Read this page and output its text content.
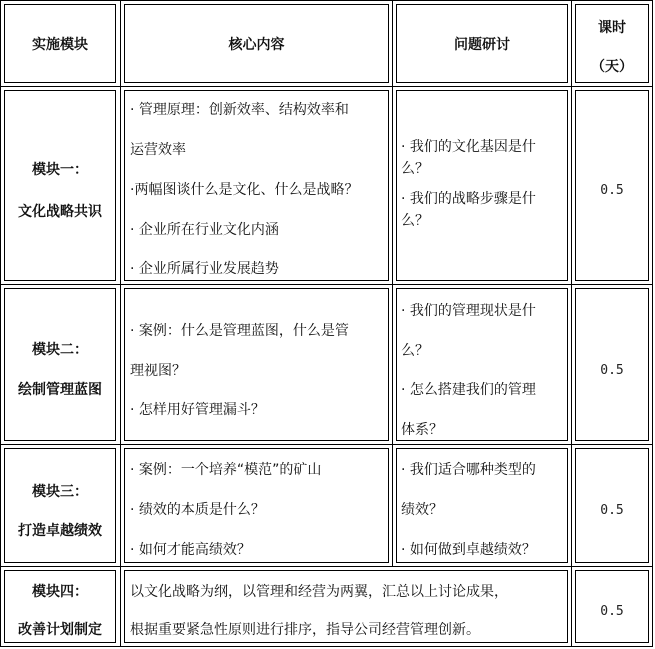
实施模块	核心内容	问题研讨
课时
（天）
模块一：
文化战略共识
· 管理原理：创新效率、结构效率和
运营效率
·两幅图谈什么是文化、什么是战略？
· 企业所在行业文化内涵
· 企业所属行业发展趋势
· 我们的文化基因是什
么？
· 我们的战略步骤是什
么？
0.5
模块二：
绘制管理蓝图
· 案例：什么是管理蓝图，什么是管
理视图？
· 怎样用好管理漏斗？
· 我们的管理现状是什
么？
· 怎么搭建我们的管理
体系？
0.5
模块三：
打造卓越绩效
· 案例：一个培养“模范”的矿山
· 绩效的本质是什么？
· 如何才能高绩效？
· 我们适合哪种类型的
绩效？
· 如何做到卓越绩效？
0.5
模块四：
改善计划制定
以文化战略为纲，以管理和经营为两翼，汇总以上讨论成果，
根据重要紧急性原则进行排序，指导公司经营管理创新。
0.5
